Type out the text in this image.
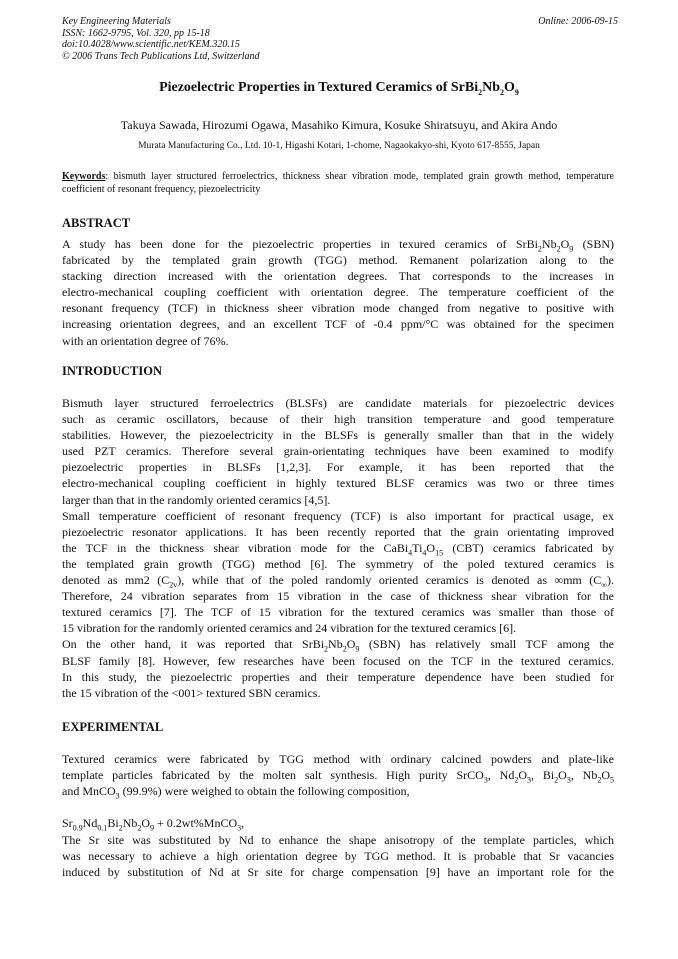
Key Engineering Materials
ISSN: 1662-9795, Vol. 320, pp 15-18
doi:10.4028/www.scientific.net/KEM.320.15
© 2006 Trans Tech Publications Ltd, Switzerland
Online: 2006-09-15
Piezoelectric Properties in Textured Ceramics of $SrBi_2Nb_2O_9$
Takuya Sawada, Hirozumi Ogawa, Masahiko Kimura, Kosuke Shiratsuyu, and Akira Ando
Murata Manufacturing Co., Ltd. 10-1, Higashi Kotari, 1-chome, Nagaokakyo-shi, Kyoto 617-8555, Japan
Keywords: bismuth layer structured ferroelectrics, thickness shear vibration mode, templated grain growth method, temperature coefficient of resonant frequency, piezoelectricity
ABSTRACT
A study has been done for the piezoelectric properties in texured ceramics of $SrBi_2Nb_2O_9$ (SBN)
fabricated by the templated grain growth (TGG) method. Remanent polarization along to the
stacking direction increased with the orientation degrees. That corresponds to the increases in
electro-mechanical coupling coefficient with orientation degree. The temperature coefficient of the
resonant frequency (TCF) in thickness sheer vibration mode changed from negative to positive with
increasing orientation degrees, and an excellent TCF of -0.4 ppm/°C was obtained for the specimen
with an orientation degree of 76%.
INTRODUCTION
Bismuth layer structured ferroelectrics (BLSFs) are candidate materials for piezoelectric devices
such as ceramic oscillators, because of their high transition temperature and good temperature
stabilities. However, the piezoelectricity in the BLSFs is generally smaller than that in the widely
used PZT ceramics. Therefore several grain-orientating techniques have been examined to modify
piezoelectric properties in BLSFs [1,2,3]. For example, it has been reported that the
electro-mechanical coupling coefficient in highly textured BLSF ceramics was two or three times
larger than that in the randomly oriented ceramics [4,5].
Small temperature coefficient of resonant frequency (TCF) is also important for practical usage, ex
piezoelectric resonator applications. It has been recently reported that the grain orientating improved
the TCF in the thickness shear vibration mode for the $CaBi_4Ti_4O_{15}$ (CBT) ceramics fabricated by
the templated grain growth (TGG) method [6]. The symmetry of the poled textured ceramics is
denoted as mm2 $(C_{2v})$, while that of the poled randomly oriented ceramics is denoted as ∞mm $(C_\infty)$.
Therefore, 24 vibration separates from 15 vibration in the case of thickness shear vibration for the
textured ceramics [7]. The TCF of 15 vibration for the textured ceramics was smaller than those of
15 vibration for the randomly oriented ceramics and 24 vibration for the textured ceramics [6].
On the other hand, it was reported that $SrBi_2Nb_2O_9$ (SBN) has relatively small TCF among the
BLSF family [8]. However, few researches have been focused on the TCF in the textured ceramics.
In this study, the piezoelectric properties and their temperature dependence have been studied for
the 15 vibration of the <001> textured SBN ceramics.
EXPERIMENTAL
Textured ceramics were fabricated by TGG method with ordinary calcined powders and plate-like
template particles fabricated by the molten salt synthesis. High purity SrCO$_3$, $Nd_2O_3$, $Bi_2O_3$, $Nb_2O_5$
and MnCO$_3$ (99.9%) were weighed to obtain the following composition,
$Sr_{0.9}Nd_{0.1}Bi_2Nb_2O_9$ + 0.2wt%MnCO$_3$,
The Sr site was substituted by Nd to enhance the shape anisotropy of the template particles, which
was necessary to achieve a high orientation degree by TGG method. It is probable that Sr vacancies
induced by substitution of Nd at Sr site for charge compensation [9] have an important role for the
